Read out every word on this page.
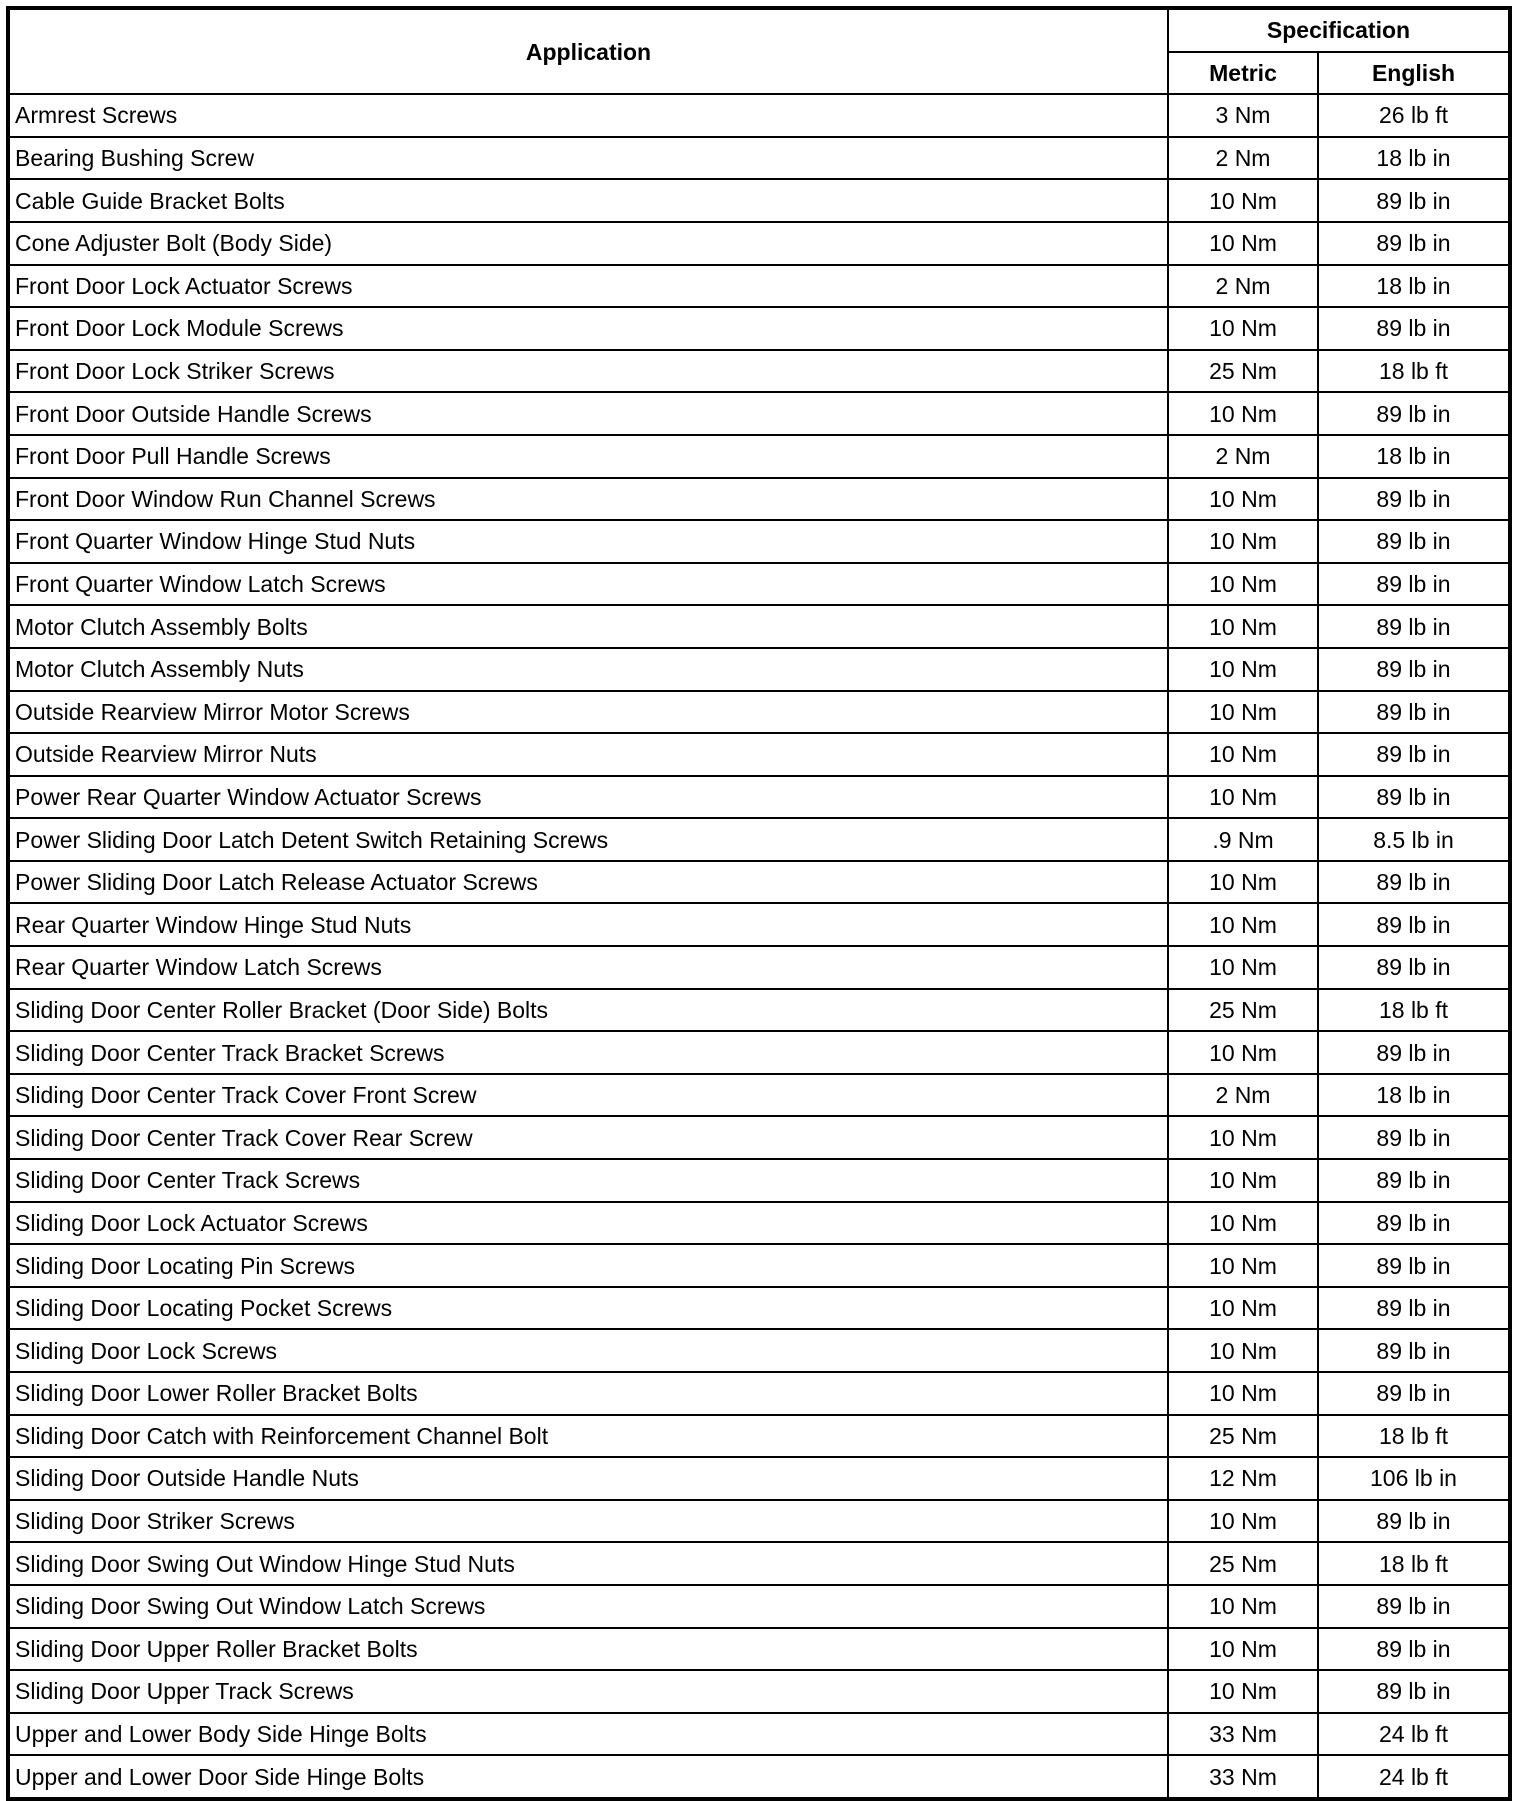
Application	Specification	
	Metric	English
Armrest Screws	3 Nm	26 lb ft
Bearing Bushing Screw	2 Nm	18 lb in
Cable Guide Bracket Bolts	10 Nm	89 lb in
Cone Adjuster Bolt (Body Side)	10 Nm	89 lb in
Front Door Lock Actuator Screws	2 Nm	18 lb in
Front Door Lock Module Screws	10 Nm	89 lb in
Front Door Lock Striker Screws	25 Nm	18 lb ft
Front Door Outside Handle Screws	10 Nm	89 lb in
Front Door Pull Handle Screws	2 Nm	18 lb in
Front Door Window Run Channel Screws	10 Nm	89 lb in
Front Quarter Window Hinge Stud Nuts	10 Nm	89 lb in
Front Quarter Window Latch Screws	10 Nm	89 lb in
Motor Clutch Assembly Bolts	10 Nm	89 lb in
Motor Clutch Assembly Nuts	10 Nm	89 lb in
Outside Rearview Mirror Motor Screws	10 Nm	89 lb in
Outside Rearview Mirror Nuts	10 Nm	89 lb in
Power Rear Quarter Window Actuator Screws	10 Nm	89 lb in
Power Sliding Door Latch Detent Switch Retaining Screws	.9 Nm	8.5 lb in
Power Sliding Door Latch Release Actuator Screws	10 Nm	89 lb in
Rear Quarter Window Hinge Stud Nuts	10 Nm	89 lb in
Rear Quarter Window Latch Screws	10 Nm	89 lb in
Sliding Door Center Roller Bracket (Door Side) Bolts	25 Nm	18 lb ft
Sliding Door Center Track Bracket Screws	10 Nm	89 lb in
Sliding Door Center Track Cover Front Screw	2 Nm	18 lb in
Sliding Door Center Track Cover Rear Screw	10 Nm	89 lb in
Sliding Door Center Track Screws	10 Nm	89 lb in
Sliding Door Lock Actuator Screws	10 Nm	89 lb in
Sliding Door Locating Pin Screws	10 Nm	89 lb in
Sliding Door Locating Pocket Screws	10 Nm	89 lb in
Sliding Door Lock Screws	10 Nm	89 lb in
Sliding Door Lower Roller Bracket Bolts	10 Nm	89 lb in
Sliding Door Catch with Reinforcement Channel Bolt	25 Nm	18 lb ft
Sliding Door Outside Handle Nuts	12 Nm	106 lb in
Sliding Door Striker Screws	10 Nm	89 lb in
Sliding Door Swing Out Window Hinge Stud Nuts	25 Nm	18 lb ft
Sliding Door Swing Out Window Latch Screws	10 Nm	89 lb in
Sliding Door Upper Roller Bracket Bolts	10 Nm	89 lb in
Sliding Door Upper Track Screws	10 Nm	89 lb in
Upper and Lower Body Side Hinge Bolts	33 Nm	24 lb ft
Upper and Lower Door Side Hinge Bolts	33 Nm	24 lb ft
